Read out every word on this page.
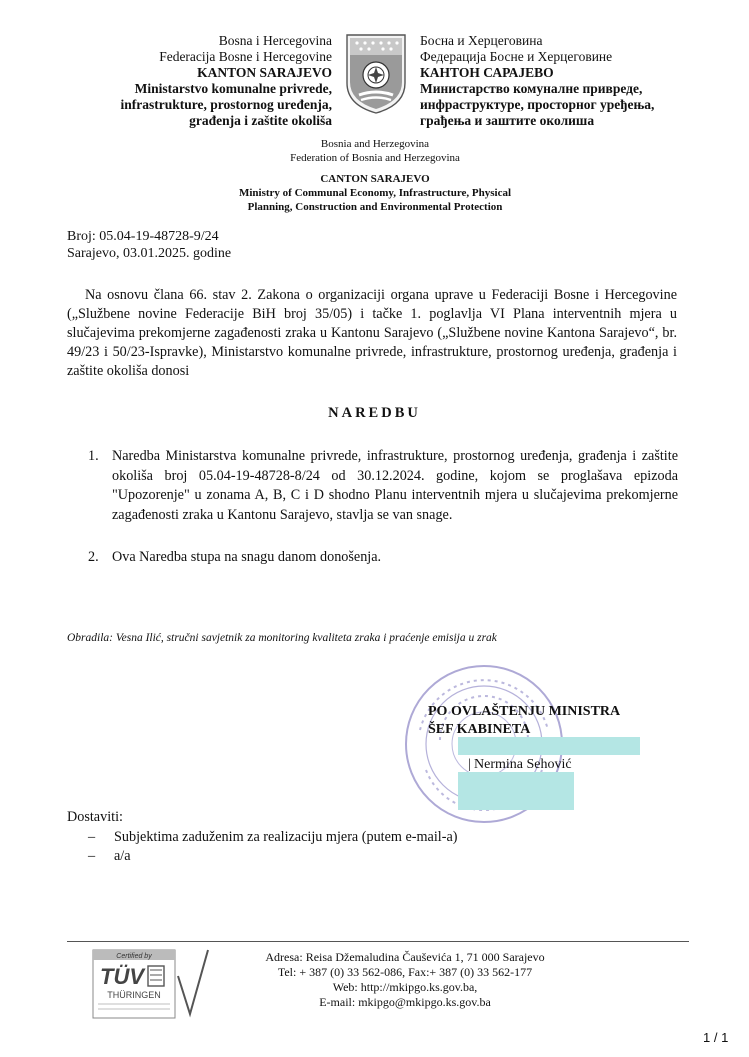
Bosna i Hercegovina
Federacija Bosne i Hercegovine
KANTON SARAJEVO
Ministarstvo komunalne privrede,
infrastrukture, prostornog uređenja,
građenja i zaštite okoliša
Босна и Херцеговина
Федерација Босне и Херцеговине
КАНТОН САРАЈЕВО
Министарство комуналне привреде,
инфраструктуре, просторног уређења,
грађења и заштите околиша
Bosnia and Herzegovina
Federation of Bosnia and Herzegovina
CANTON SARAJEVO
Ministry of Communal Economy, Infrastructure, Physical
Planning, Construction and Environmental Protection
Broj: 05.04-19-48728-9/24
Sarajevo, 03.01.2025. godine
Na osnovu člana 66. stav 2. Zakona o organizaciji organa uprave u Federaciji Bosne i Hercegovine („Službene novine Federacije BiH broj 35/05) i tačke 1. poglavlja VI Plana interventnih mjera u slučajevima prekomjerne zagađenosti zraka u Kantonu Sarajevo („Službene novine Kantona Sarajevo“, br. 49/23 i 50/23-Ispravke), Ministarstvo komunalne privrede, infrastrukture, prostornog uređenja, građenja i zaštite okoliša donosi
NAREDBU
1. Naredba Ministarstva komunalne privrede, infrastrukture, prostornog uređenja, građenja i zaštite okoliša broj 05.04-19-48728-8/24 od 30.12.2024. godine, kojom se proglašava epizoda "Upozorenje" u zonama A, B, C i D shodno Planu interventnih mjera u slučajevima prekomjerne zagađenosti zraka u Kantonu Sarajevo, stavlja se van snage.
2. Ova Naredba stupa na snagu danom donošenja.
Obradila: Vesna Ilić, stručni savjetnik za monitoring kvaliteta zraka i praćenje emisija u zrak
PO OVLAŠTENJU MINISTRA
ŠEF KABINETA
| Nermina Sehović
Dostaviti:
– Subjektima zaduženim za realizaciju mjera (putem e-mail-a)
– a/a
Certified by
TÜV
THÜRINGEN
Adresa: Reisa Džemaludina Čauševića 1, 71 000 Sarajevo
Tel: + 387 (0) 33 562-086, Fax:+ 387 (0) 33 562-177
Web: http://mkipgo.ks.gov.ba,
E-mail: mkipgo@mkipgo.ks.gov.ba
1 / 1
